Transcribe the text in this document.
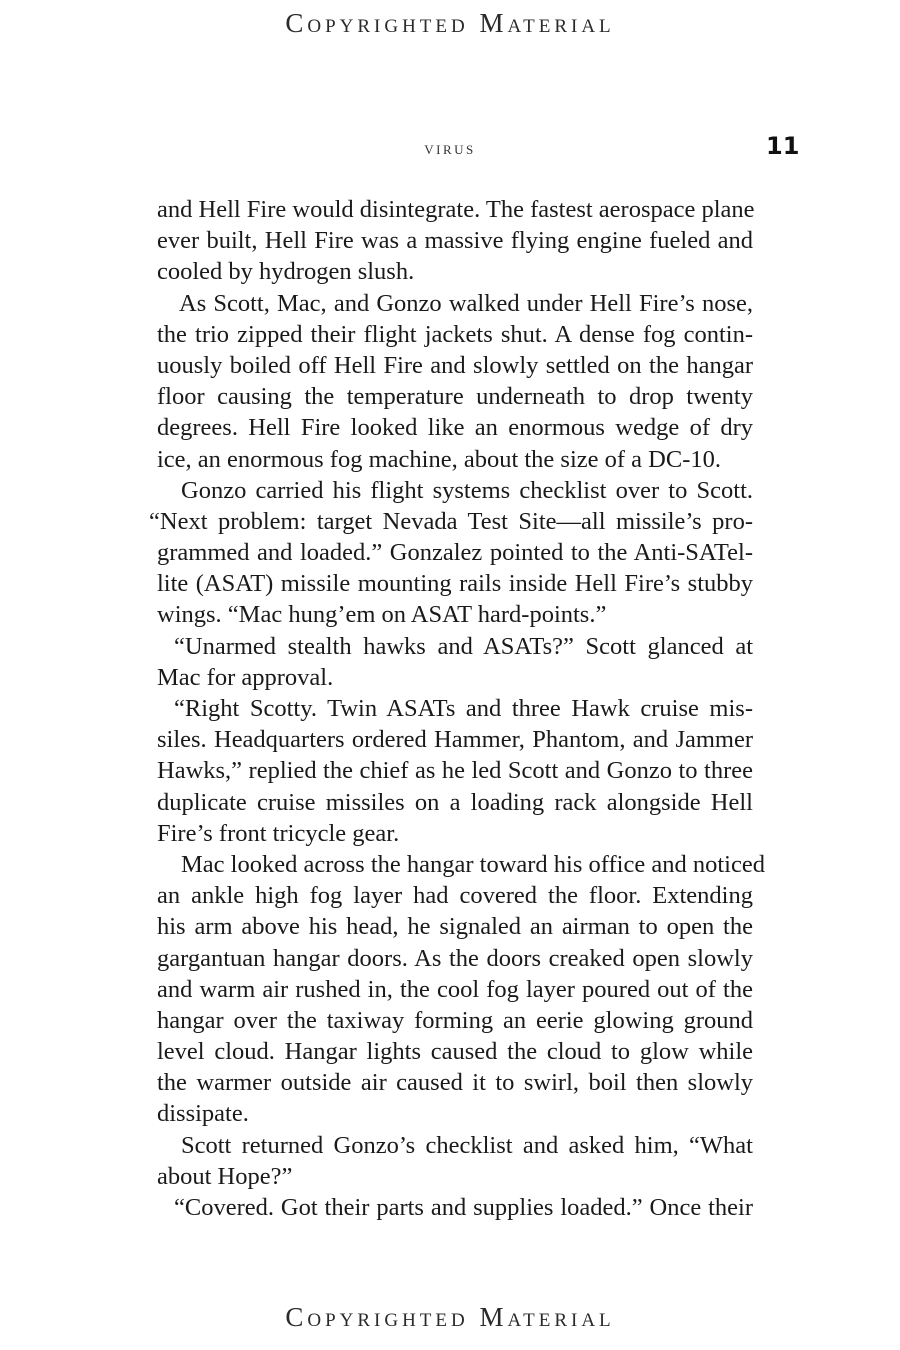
Copyrighted Material
virus	11
and Hell Fire would disintegrate. The fastest aerospace plane
ever built, Hell Fire was a massive flying engine fueled and
cooled by hydrogen slush.
As Scott, Mac, and Gonzo walked under Hell Fire’s nose,
the trio zipped their flight jackets shut. A dense fog contin-
uously boiled off Hell Fire and slowly settled on the hangar
floor causing the temperature underneath to drop twenty
degrees. Hell Fire looked like an enormous wedge of dry
ice, an enormous fog machine, about the size of a DC-10.
Gonzo carried his flight systems checklist over to Scott.
“Next problem: target Nevada Test Site—all missile’s pro-
grammed and loaded.” Gonzalez pointed to the Anti-SATel-
lite (ASAT) missile mounting rails inside Hell Fire’s stubby
wings. “Mac hung’em on ASAT hard-points.”
“Unarmed stealth hawks and ASATs?” Scott glanced at
Mac for approval.
“Right Scotty. Twin ASATs and three Hawk cruise mis-
siles. Headquarters ordered Hammer, Phantom, and Jammer
Hawks,” replied the chief as he led Scott and Gonzo to three
duplicate cruise missiles on a loading rack alongside Hell
Fire’s front tricycle gear.
Mac looked across the hangar toward his office and noticed
an ankle high fog layer had covered the floor. Extending
his arm above his head, he signaled an airman to open the
gargantuan hangar doors. As the doors creaked open slowly
and warm air rushed in, the cool fog layer poured out of the
hangar over the taxiway forming an eerie glowing ground
level cloud. Hangar lights caused the cloud to glow while
the warmer outside air caused it to swirl, boil then slowly
dissipate.
Scott returned Gonzo’s checklist and asked him, “What
about Hope?”
“Covered. Got their parts and supplies loaded.” Once their
Copyrighted Material
